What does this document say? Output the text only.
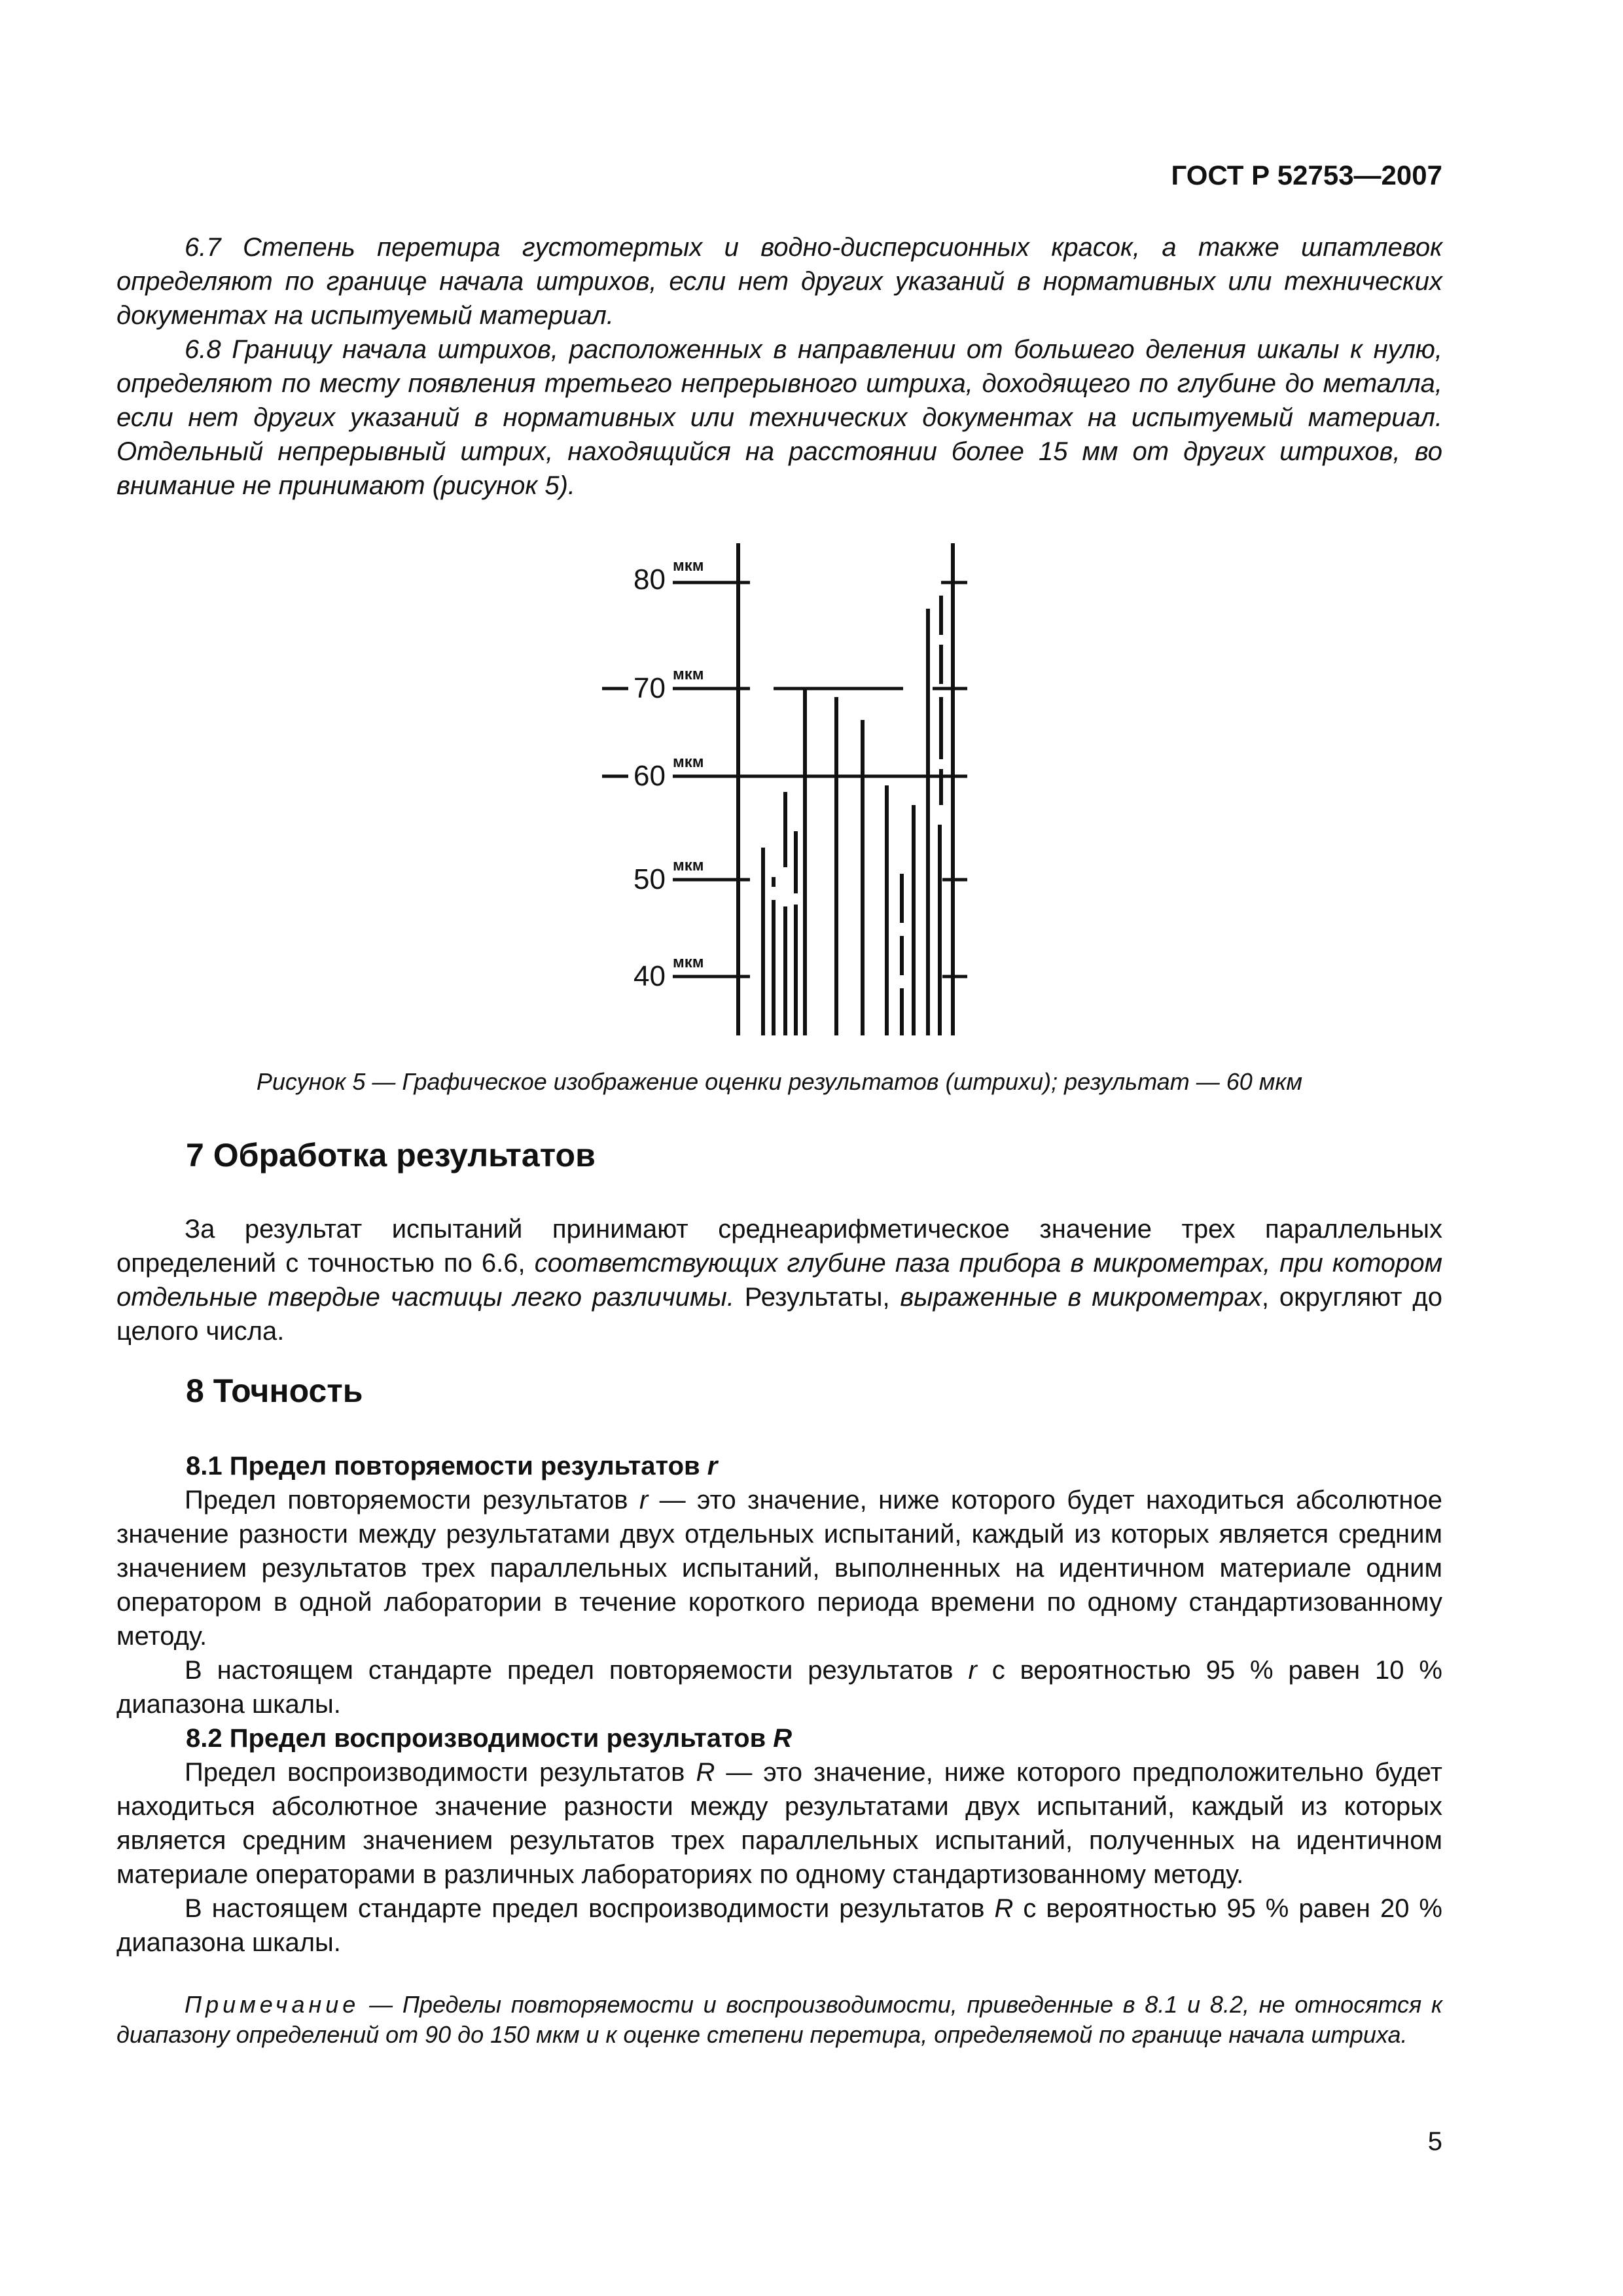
ГОСТ Р 52753—2007
6.7 Степень перетира густотертых и водно-дисперсионных красок, а также шпатлевок определяют по границе начала штрихов, если нет других указаний в нормативных или технических документах на испытуемый материал.
6.8 Границу начала штрихов, расположенных в направлении от большего деления шкалы к нулю, определяют по месту появления третьего непрерывного штриха, доходящего по глубине до металла, если нет других указаний в нормативных или технических документах на испытуемый материал. Отдельный непрерывный штрих, находящийся на расстоянии более 15 мм от других штрихов, во внимание не принимают (рисунок 5).
80 мкм
70 мкм
60 мкм
50 мкм
40 мкм
Рисунок 5 — Графическое изображение оценки результатов (штрихи); результат — 60 мкм
7 Обработка результатов
За результат испытаний принимают среднеарифметическое значение трех параллельных определений с точностью по 6.6, соответствующих глубине паза прибора в микрометрах, при котором отдельные твердые частицы легко различимы. Результаты, выраженные в микрометрах, округляют до целого числа.
8 Точность
8.1 Предел повторяемости результатов r
Предел повторяемости результатов r — это значение, ниже которого будет находиться абсолютное значение разности между результатами двух отдельных испытаний, каждый из которых является средним значением результатов трех параллельных испытаний, выполненных на идентичном материале одним оператором в одной лаборатории в течение короткого периода времени по одному стандартизованному методу.
В настоящем стандарте предел повторяемости результатов r с вероятностью 95 % равен 10 % диапазона шкалы.
8.2 Предел воспроизводимости результатов R
Предел воспроизводимости результатов R — это значение, ниже которого предположительно будет находиться абсолютное значение разности между результатами двух испытаний, каждый из которых является средним значением результатов трех параллельных испытаний, полученных на идентичном материале операторами в различных лабораториях по одному стандартизованному методу.
В настоящем стандарте предел воспроизводимости результатов R с вероятностью 95 % равен 20 % диапазона шкалы.
Примечание — Пределы повторяемости и воспроизводимости, приведенные в 8.1 и 8.2, не относятся к диапазону определений от 90 до 150 мкм и к оценке степени перетира, определяемой по границе начала штриха.
5
